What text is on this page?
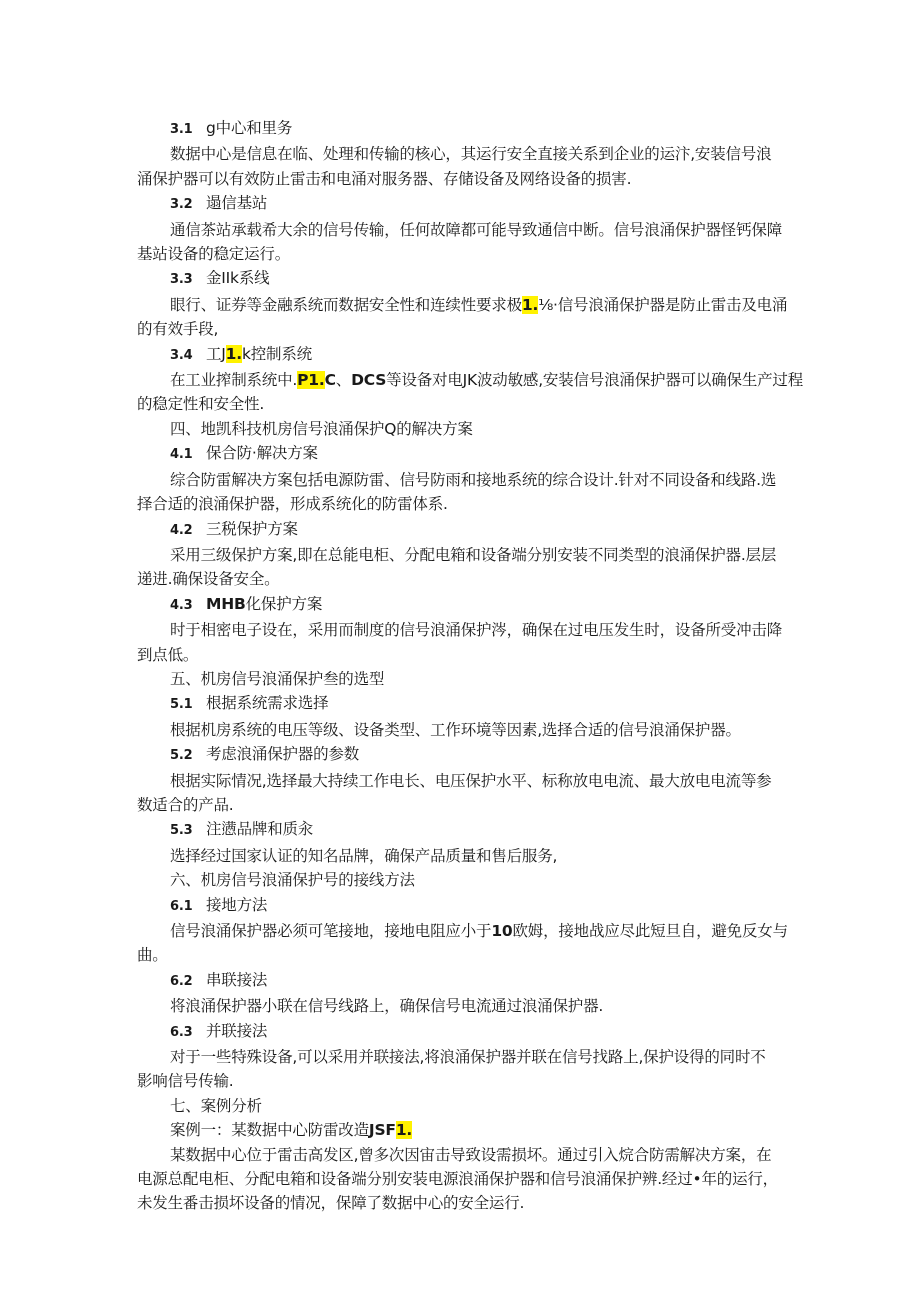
3.1 g中心和里务
数据中心是信息在临、处理和传输的核心，其运行安全直接关系到企业的运汴,安装信号浪
涌保护器可以有效防止雷击和电涌对服务器、存储设备及网络设备的损害.
3.2 遢信基站
通信茶站承载希大余的信号传输，任何故障都可能导致通信中断。信号浪涌保护器怪钙保障
基站设备的稳定运行。
3.3 金IIk系线
眼行、证券等金融系统而数据安全性和连续性要求极1.⅛·信号浪涌保护器是防止雷击及电涌
的有效手段,
3.4 工J1.k控制系统
在工业搾制系统中.P1.C、DCS等设备对电JK波动敏感,安装信号浪涌保护器可以确保生产过程
的稳定性和安全性.
四、地凯科技机房信号浪涌保护Q的解决方案
4.1 保合防·解决方案
综合防雷解决方案包括电源防雷、信号防雨和接地系统的综合设计.针对不同设备和线路.选
择合适的浪涌保护器，形成系统化的防雷体系.
4.2 三税保护方案
采用三级保护方案,即在总能电柜、分配电箱和设备端分别安装不同类型的浪涌保护器.层层
递进.确保设备安全。
4.3 MHB化保护方案
时于相密电子设在，采用而制度的信号浪涌保护涔，确保在过电压发生时，设备所受冲击降
到点低。
五、机房信号浪涌保护叁的选型
5.1 根据系统需求选择
根据机房系统的电压等级、设备类型、工作环境等因素,选择合适的信号浪涌保护器。
5.2 考虑浪涌保护器的参数
根据实际情况,选择最大持续工作电长、电压保护水平、标称放电电流、最大放电电流等参
数适合的产品.
5.3 注懑品牌和质汆
选择经过国家认证的知名品牌，确保产品质量和售后服务,
六、机房信号浪涌保护号的接线方法
6.1 接地方法
信号浪涌保护器必须可笔接地，接地电阻应小于10欧姆，接地战应尽此短旦自，避免反女与
曲。
6.2 串联接法
将浪涌保护器小联在信号线路上，确保信号电流通过浪涌保护器.
6.3 并联接法
对于一些特殊设备,可以采用并联接法,将浪涌保护器并联在信号找路上,保护设得的同时不
影响信号传输.
七、案例分析
案例一：某数据中心防雷改造JSF1.
某数据中心位于雷击高发区,曾多次因宙击导致设需损坏。通过引入烷合防需解决方案，在
电源总配电柜、分配电箱和设备端分别安装电源浪涌保护器和信号浪涌保护辨.经过•年的运行，
未发生番击损坏设备的情况，保障了数据中心的安全运行.
